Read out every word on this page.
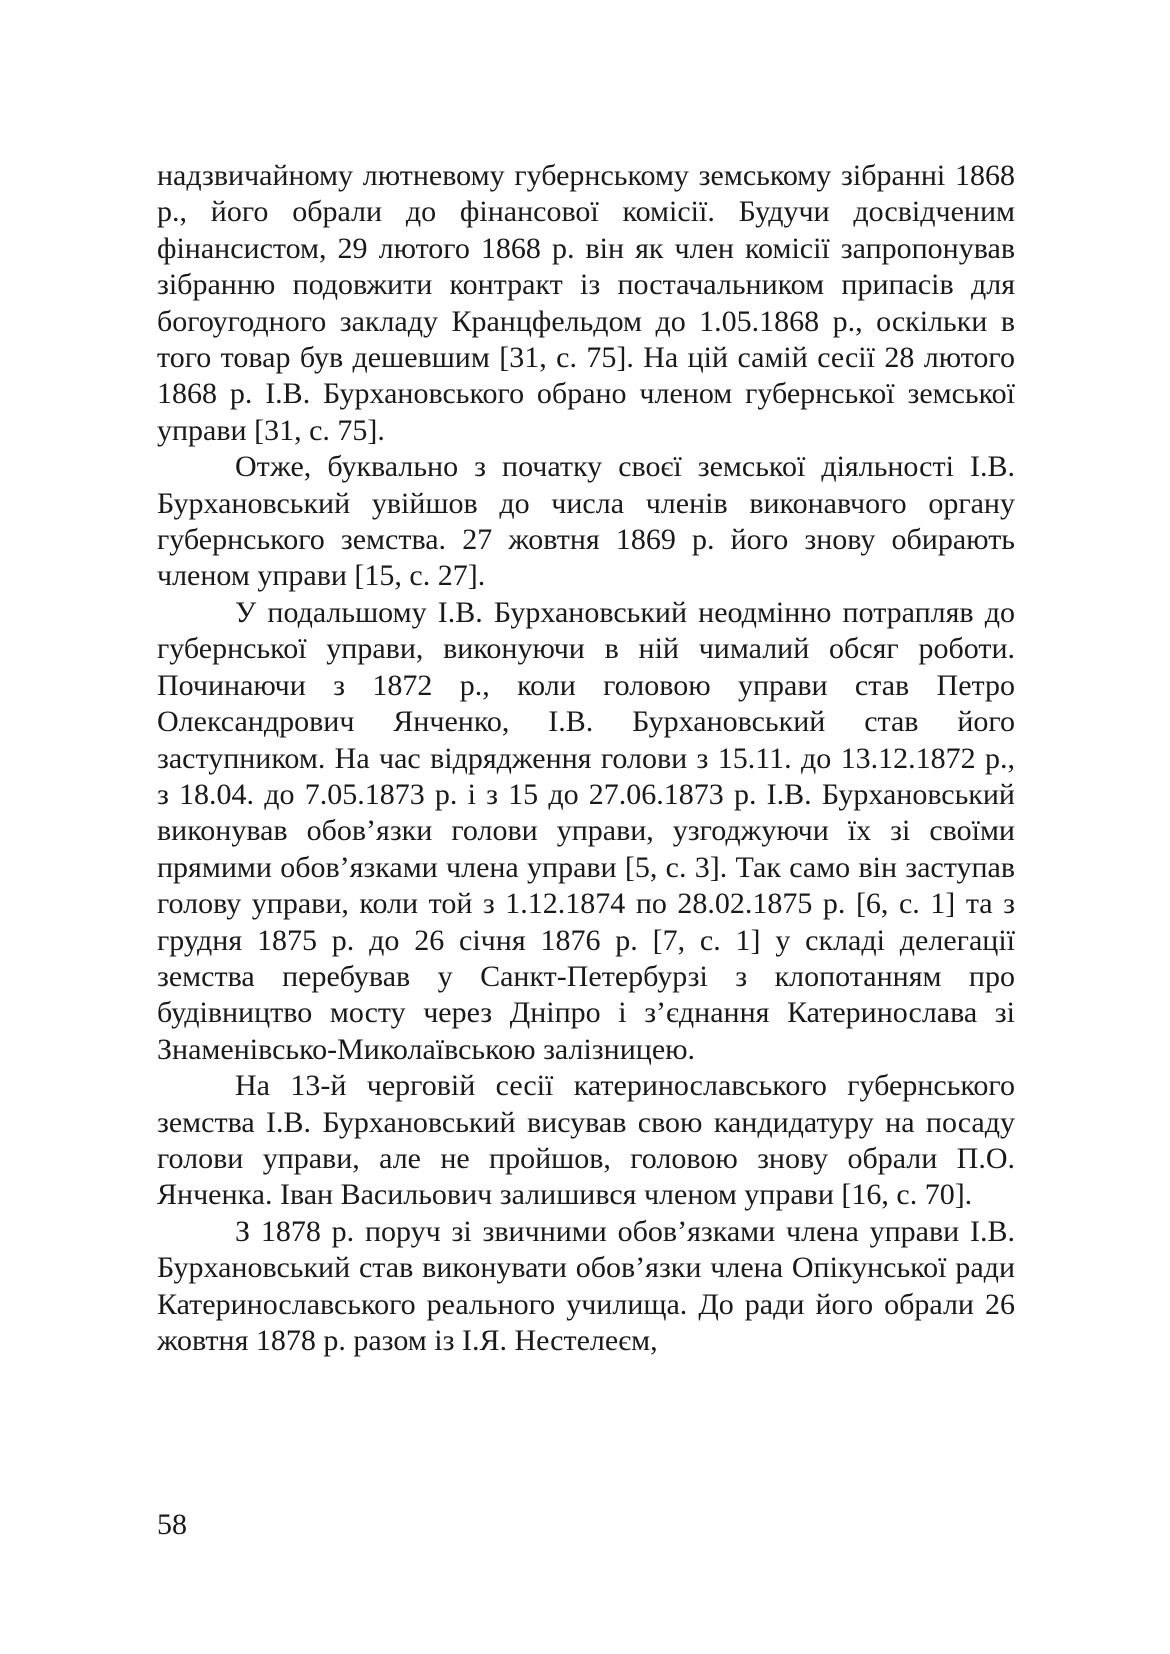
надзвичайному лютневому губернському земському зібранні 1868 р., його обрали до фінансової комісії. Будучи досвідченим фінансистом, 29 лютого 1868 р. він як член комісії запропонував зібранню подовжити контракт із постачальником припасів для богоугодного закладу Кранцфельдом до 1.05.1868 р., оскільки в того товар був дешевшим [31, с. 75]. На цій самій сесії 28 лютого 1868 р. І.В. Бурхановського обрано членом губернської земської управи [31, с. 75].

Отже, буквально з початку своєї земської діяльності І.В. Бурхановський увійшов до числа членів виконавчого органу губернського земства. 27 жовтня 1869 р. його знову обирають членом управи [15, с. 27].

У подальшому І.В. Бурхановський неодмінно потрапляв до губернської управи, виконуючи в ній чималий обсяг роботи. Починаючи з 1872 р., коли головою управи став Петро Олександрович Янченко, І.В. Бурхановський став його заступником. На час відрядження голови з 15.11. до 13.12.1872 р., з 18.04. до 7.05.1873 р. і з 15 до 27.06.1873 р. І.В. Бурхановський виконував обов’язки голови управи, узгоджуючи їх зі своїми прямими обов’язками члена управи [5, с. 3]. Так само він заступав голову управи, коли той з 1.12.1874 по 28.02.1875 р. [6, с. 1] та з грудня 1875 р. до 26 січня 1876 р. [7, с. 1] у складі делегації земства перебував у Санкт-Петербурзі з клопотанням про будівництво мосту через Дніпро і з’єднання Катеринослава зі Знаменівсько-Миколаївською залізницею.

На 13-й черговій сесії катеринославського губернського земства І.В. Бурхановський висував свою кандидатуру на посаду голови управи, але не пройшов, головою знову обрали П.О. Янченка. Іван Васильович залишився членом управи [16, с. 70].

З 1878 р. поруч зі звичними обов’язками члена управи І.В. Бурхановський став виконувати обов’язки члена Опікунської ради Катеринославського реального училища. До ради його обрали 26 жовтня 1878 р. разом із І.Я. Нестелеєм,

58
